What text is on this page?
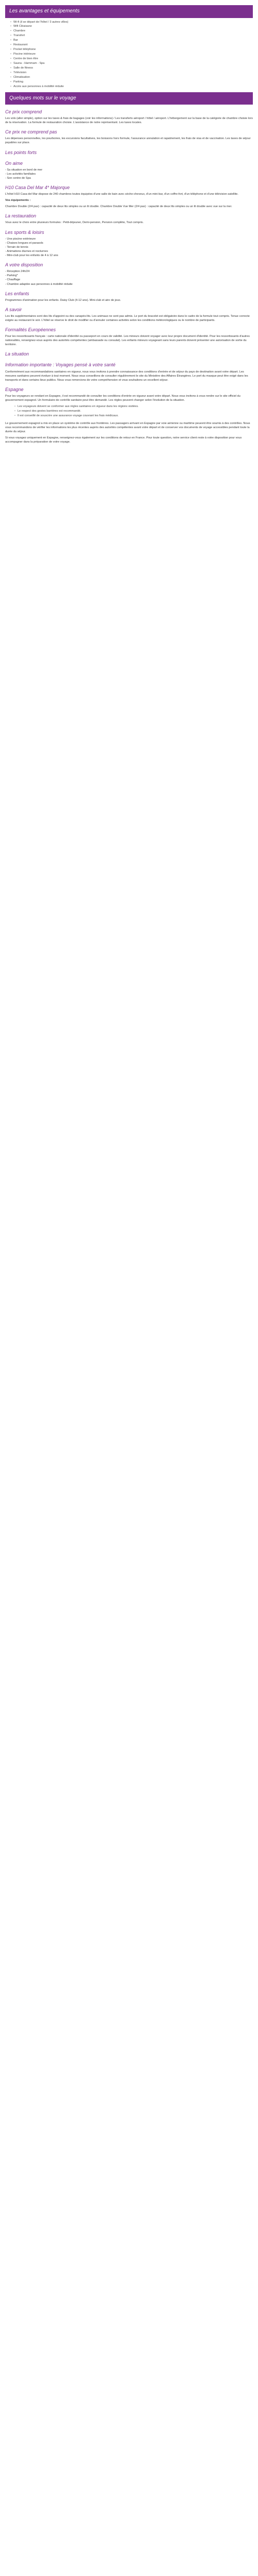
Les avantages et équipements
• Wi-fi (il se départ de l'hôtel / 3 autres villes)
• Wifi Cléaisane
• Chambre
• Transfert
• Bar
• Restaurant
• Pocket téléphone
• Piscine intérieure
• Centre de bien être
• Sauna - Hammam - Spa
• Salle de fitness
• Télévision
• Climatisation
• Parking
• Accès aux personnes à mobilité réduite
Quelques mots sur le voyage
Ce prix comprend

Les vols (aller simple), option sur les taxes & frais de bagages (voir les informations) / Les transferts aéroport / hôtel / aéroport. L'hébergement sur la base de la catégorie de chambre choisie lors de la réservation. La formule de restauration choisie. L'assistance de notre représentant. Les taxes locales.

Ce prix ne comprend pas

Les dépenses personnelles, les pourboires, les excursions facultatives, les boissons hors formule, l'assurance annulation et rapatriement, les frais de visa et de vaccination. Les taxes de séjour payables sur place.

Les points forts
On aime

- Sa situation en bord de mer
- Les activités familiales
- Son centre de Spa

H10 Casa Del Mar 4* Majorque

L'hôtel H10 Casa del Mar dispose de 240 chambres toutes équipées d'une salle de bain avec sèche-cheveux, d'un mini-bar, d'un coffre-fort, d'un téléphone et d'une télévision satellite.

Vos équipements :

Chambre Double (2/4 pax) : capacité de deux lits simples ou un lit double. Chambre Double Vue Mer (2/4 pax) : capacité de deux lits simples ou un lit double avec vue sur la mer.

La restauration

Vous avez le choix entre plusieurs formules : Petit-déjeuner, Demi-pension, Pension complète, Tout compris.

Les sports & loisirs

- Une piscine extérieure
- Chaises longues et parasols
- Terrain de tennis
- Animations diurnes et nocturnes
- Mini-club pour les enfants de 4 à 12 ans

A votre disposition

- Réception 24h/24
- Parking*
- Chauffage
- Chambre adaptée aux personnes à mobilité réduite

Les enfants

Programmes d'animation pour les enfants. Daisy Club (4-12 ans). Mini-club et aire de jeux.

A savoir

Les lits supplémentaires sont des lits d'appoint ou des canapés-lits. Les animaux ne sont pas admis. Le port du bracelet est obligatoire dans le cadre de la formule tout compris. Tenue correcte exigée au restaurant le soir. L'hôtel se réserve le droit de modifier ou d'annuler certaines activités selon les conditions météorologiques ou le nombre de participants.

Formalités Européennes

Pour les ressortissants français : carte nationale d'identité ou passeport en cours de validité. Les mineurs doivent voyager avec leur propre document d'identité. Pour les ressortissants d'autres nationalités, renseignez-vous auprès des autorités compétentes (ambassade ou consulat). Les enfants mineurs voyageant sans leurs parents doivent présenter une autorisation de sortie du territoire.

La situation
Information importante : Voyages pensé à votre santé

Conformément aux recommandations sanitaires en vigueur, nous vous invitons à prendre connaissance des conditions d'entrée et de séjour du pays de destination avant votre départ. Les mesures sanitaires peuvent évoluer à tout moment. Nous vous conseillons de consulter régulièrement le site du Ministère des Affaires Étrangères. Le port du masque peut être exigé dans les transports et dans certains lieux publics. Nous vous remercions de votre compréhension et vous souhaitons un excellent séjour.

Espagne

Pour les voyageurs se rendant en Espagne, il est recommandé de consulter les conditions d'entrée en vigueur avant votre départ. Nous vous invitons à vous rendre sur le site officiel du gouvernement espagnol. Un formulaire de contrôle sanitaire peut être demandé. Les règles peuvent changer selon l'évolution de la situation.

• Les voyageurs doivent se conformer aux règles sanitaires en vigueur dans les régions visitées.
• Le respect des gestes barrières est recommandé.
• Il est conseillé de souscrire une assurance voyage couvrant les frais médicaux.

Le gouvernement espagnol a mis en place un système de contrôle aux frontières. Les passagers arrivant en Espagne par voie aérienne ou maritime peuvent être soumis à des contrôles. Nous vous recommandons de vérifier les informations les plus récentes auprès des autorités compétentes avant votre départ et de conserver vos documents de voyage accessibles pendant toute la durée du séjour.

Si vous voyagez uniquement en Espagne, renseignez-vous également sur les conditions de retour en France. Pour toute question, notre service client reste à votre disposition pour vous accompagner dans la préparation de votre voyage.
